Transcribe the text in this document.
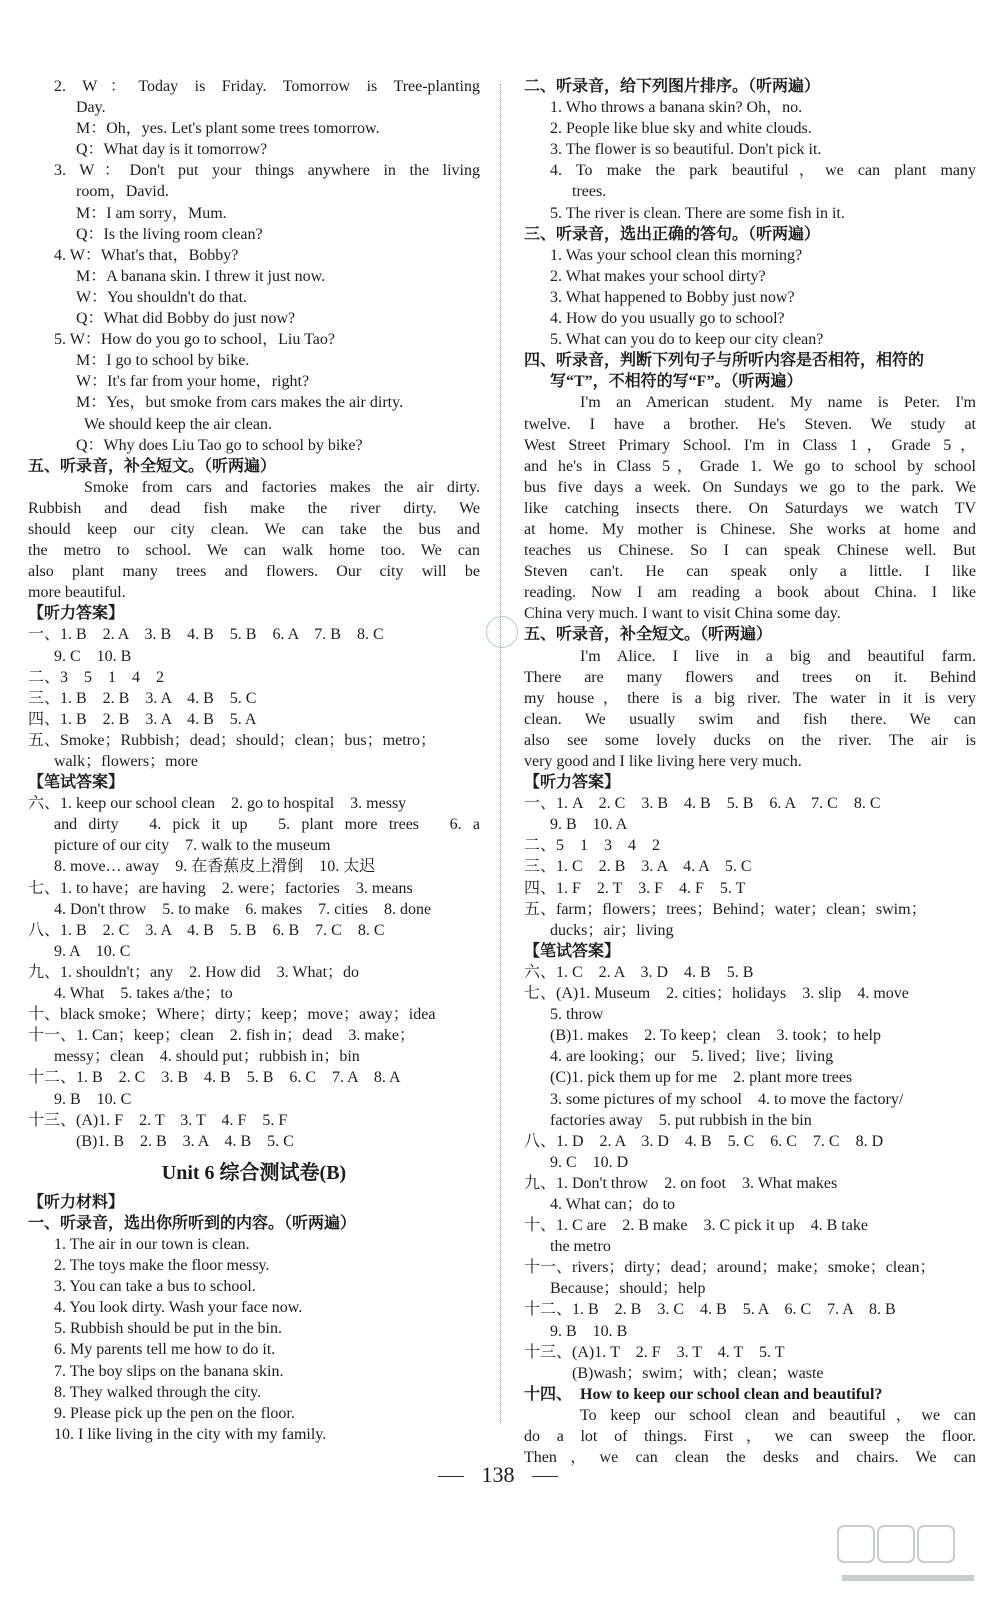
2. W：Today is Friday. Tomorrow is Tree-planting
Day.
M：Oh，yes. Let's plant some trees tomorrow.
Q：What day is it tomorrow?
3. W：Don't put your things anywhere in the living
room，David.
M：I am sorry，Mum.
Q：Is the living room clean?
4. W：What's that，Bobby?
M：A banana skin. I threw it just now.
W：You shouldn't do that.
Q：What did Bobby do just now?
5. W：How do you go to school，Liu Tao?
M：I go to school by bike.
W：It's far from your home，right?
M：Yes，but smoke from cars makes the air dirty.
We should keep the air clean.
Q：Why does Liu Tao go to school by bike?
五、听录音，补全短文。（听两遍）
Smoke from cars and factories makes the air dirty.
Rubbish and dead fish make the river dirty. We
should keep our city clean. We can take the bus and
the metro to school. We can walk home too. We can
also plant many trees and flowers. Our city will be
more beautiful.
【听力答案】
一、1. B　2. A　3. B　4. B　5. B　6. A　7. B　8. C
9. C　10. B
二、3　5　1　4　2
三、1. B　2. B　3. A　4. B　5. C
四、1. B　2. B　3. A　4. B　5. A
五、Smoke；Rubbish；dead；should；clean；bus；metro；
walk；flowers；more
【笔试答案】
六、1. keep our school clean　2. go to hospital　3. messy
and dirty　4. pick it up　5. plant more trees　6. a
picture of our city　7. walk to the museum
8. move… away　9. 在香蕉皮上滑倒　10. 太迟
七、1. to have；are having　2. were；factories　3. means
4. Don't throw　5. to make　6. makes　7. cities　8. done
八、1. B　2. C　3. A　4. B　5. B　6. B　7. C　8. C
9. A　10. C
九、1. shouldn't；any　2. How did　3. What；do
4. What　5. takes a/the；to
十、black smoke；Where；dirty；keep；move；away；idea
十一、1. Can；keep；clean　2. fish in；dead　3. make；
messy；clean　4. should put；rubbish in；bin
十二、1. B　2. C　3. B　4. B　5. B　6. C　7. A　8. A
9. B　10. C
十三、(A)1. F　2. T　3. T　4. F　5. F
(B)1. B　2. B　3. A　4. B　5. C
Unit 6 综合测试卷(B)
【听力材料】
一、听录音，选出你所听到的内容。（听两遍）
1. The air in our town is clean.
2. The toys make the floor messy.
3. You can take a bus to school.
4. You look dirty. Wash your face now.
5. Rubbish should be put in the bin.
6. My parents tell me how to do it.
7. The boy slips on the banana skin.
8. They walked through the city.
9. Please pick up the pen on the floor.
10. I like living in the city with my family.
二、听录音，给下列图片排序。（听两遍）
1. Who throws a banana skin? Oh，no.
2. People like blue sky and white clouds.
3. The flower is so beautiful. Don't pick it.
4. To make the park beautiful，we can plant many
trees.
5. The river is clean. There are some fish in it.
三、听录音，选出正确的答句。（听两遍）
1. Was your school clean this morning?
2. What makes your school dirty?
3. What happened to Bobby just now?
4. How do you usually go to school?
5. What can you do to keep our city clean?
四、听录音，判断下列句子与所听内容是否相符，相符的
写“T”，不相符的写“F”。（听两遍）
I'm an American student. My name is Peter. I'm
twelve. I have a brother. He's Steven. We study at
West Street Primary School. I'm in Class 1，Grade 5，
and he's in Class 5，Grade 1. We go to school by school
bus five days a week. On Sundays we go to the park. We
like catching insects there. On Saturdays we watch TV
at home. My mother is Chinese. She works at home and
teaches us Chinese. So I can speak Chinese well. But
Steven can't. He can speak only a little. I like
reading. Now I am reading a book about China. I like
China very much. I want to visit China some day.
五、听录音，补全短文。（听两遍）
I'm Alice. I live in a big and beautiful farm.
There are many flowers and trees on it. Behind
my house，there is a big river. The water in it is very
clean. We usually swim and fish there. We can
also see some lovely ducks on the river. The air is
very good and I like living here very much.
【听力答案】
一、1. A　2. C　3. B　4. B　5. B　6. A　7. C　8. C
9. B　10. A
二、5　1　3　4　2
三、1. C　2. B　3. A　4. A　5. C
四、1. F　2. T　3. F　4. F　5. T
五、farm；flowers；trees；Behind；water；clean；swim；
ducks；air；living
【笔试答案】
六、1. C　2. A　3. D　4. B　5. B
七、(A)1. Museum　2. cities；holidays　3. slip　4. move
5. throw
(B)1. makes　2. To keep；clean　3. took；to help
4. are looking；our　5. lived；live；living
(C)1. pick them up for me　2. plant more trees
3. some pictures of my school　4. to move the factory/
factories away　5. put rubbish in the bin
八、1. D　2. A　3. D　4. B　5. C　6. C　7. C　8. D
9. C　10. D
九、1. Don't throw　2. on foot　3. What makes
4. What can；do to
十、1. C are　2. B make　3. C pick it up　4. B take
the metro
十一、rivers；dirty；dead；around；make；smoke；clean；
Because；should；help
十二、1. B　2. B　3. C　4. B　5. A　6. C　7. A　8. B
9. B　10. B
十三、(A)1. T　2. F　3. T　4. T　5. T
(B)wash；swim；with；clean；waste
十四、　How to keep our school clean and beautiful?
To keep our school clean and beautiful，we can
do a lot of things. First，we can sweep the floor.
Then，we can clean the desks and chairs. We can
138
